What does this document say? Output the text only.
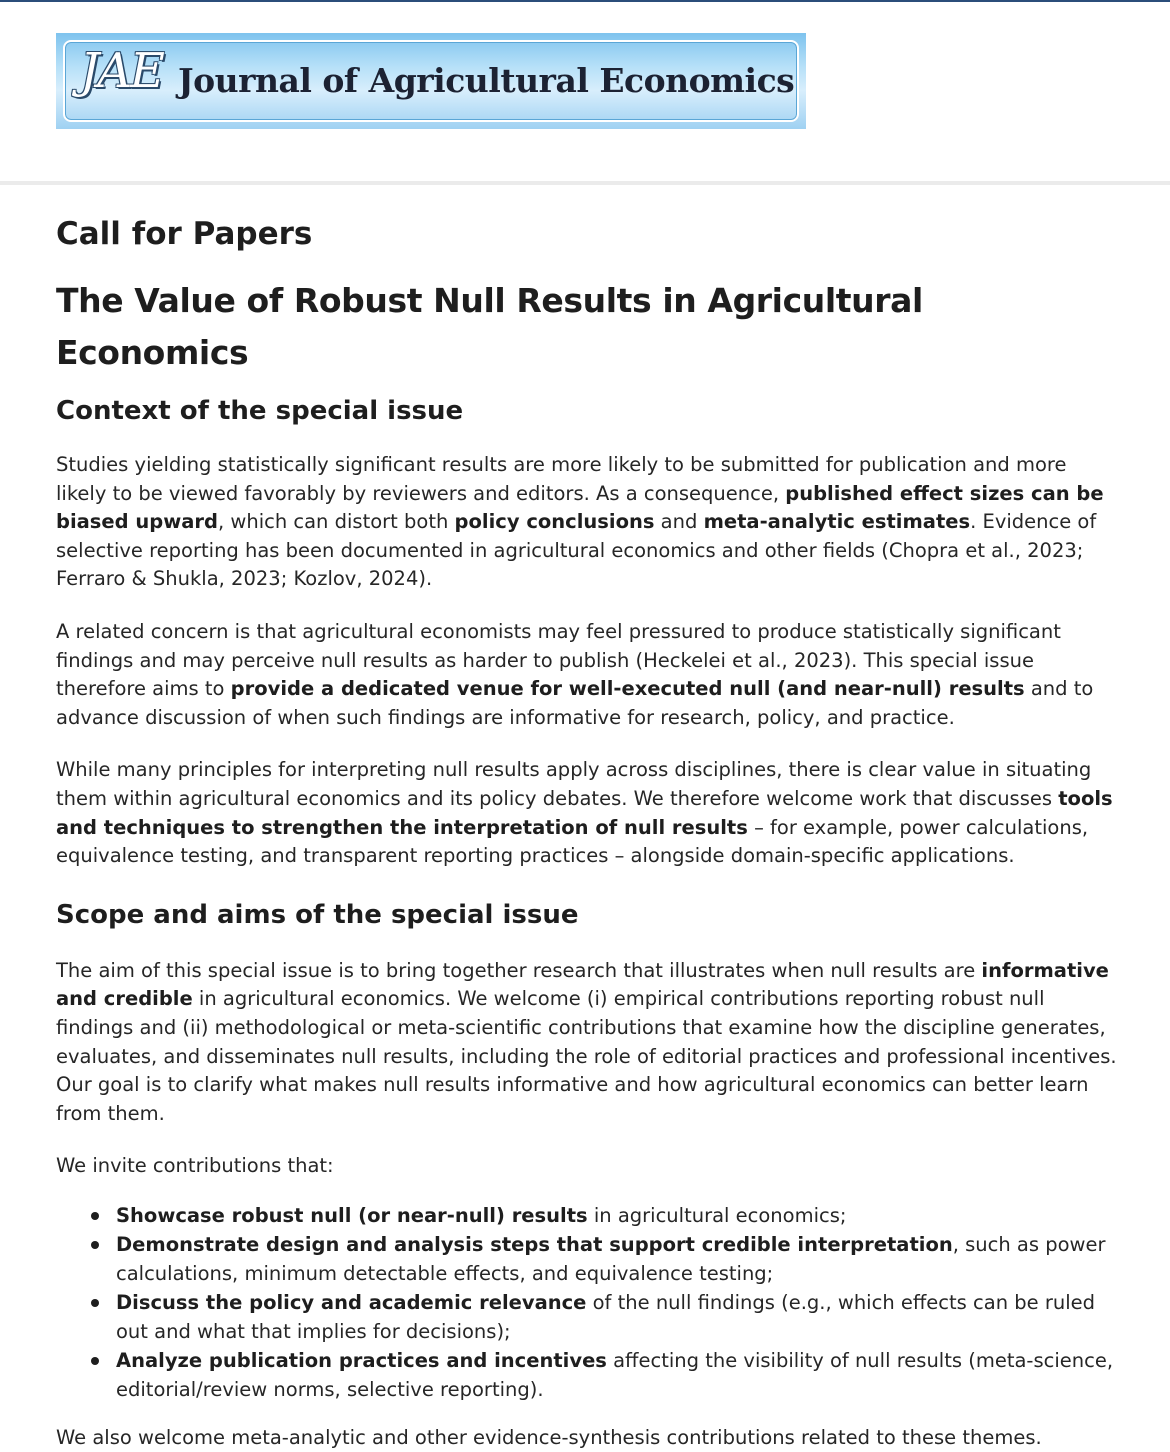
JAE Journal of Agricultural Economics
Call for Papers
The Value of Robust Null Results in Agricultural Economics
Context of the special issue

Studies yielding statistically significant results are more likely to be submitted for publication and more likely to be viewed favorably by reviewers and editors. As a consequence, published effect sizes can be biased upward, which can distort both policy conclusions and meta-analytic estimates. Evidence of selective reporting has been documented in agricultural economics and other fields (Chopra et al., 2023; Ferraro & Shukla, 2023; Kozlov, 2024).

A related concern is that agricultural economists may feel pressured to produce statistically significant findings and may perceive null results as harder to publish (Heckelei et al., 2023). This special issue therefore aims to provide a dedicated venue for well-executed null (and near-null) results and to advance discussion of when such findings are informative for research, policy, and practice.

While many principles for interpreting null results apply across disciplines, there is clear value in situating them within agricultural economics and its policy debates. We therefore welcome work that discusses tools and techniques to strengthen the interpretation of null results – for example, power calculations, equivalence testing, and transparent reporting practices – alongside domain-specific applications.

Scope and aims of the special issue

The aim of this special issue is to bring together research that illustrates when null results are informative and credible in agricultural economics. We welcome (i) empirical contributions reporting robust null findings and (ii) methodological or meta-scientific contributions that examine how the discipline generates, evaluates, and disseminates null results, including the role of editorial practices and professional incentives. Our goal is to clarify what makes null results informative and how agricultural economics can better learn from them.

We invite contributions that:

Showcase robust null (or near-null) results in agricultural economics;
Demonstrate design and analysis steps that support credible interpretation, such as power calculations, minimum detectable effects, and equivalence testing;
Discuss the policy and academic relevance of the null findings (e.g., which effects can be ruled out and what that implies for decisions);
Analyze publication practices and incentives affecting the visibility of null results (meta-science, editorial/review norms, selective reporting).

We also welcome meta-analytic and other evidence-synthesis contributions related to these themes.
